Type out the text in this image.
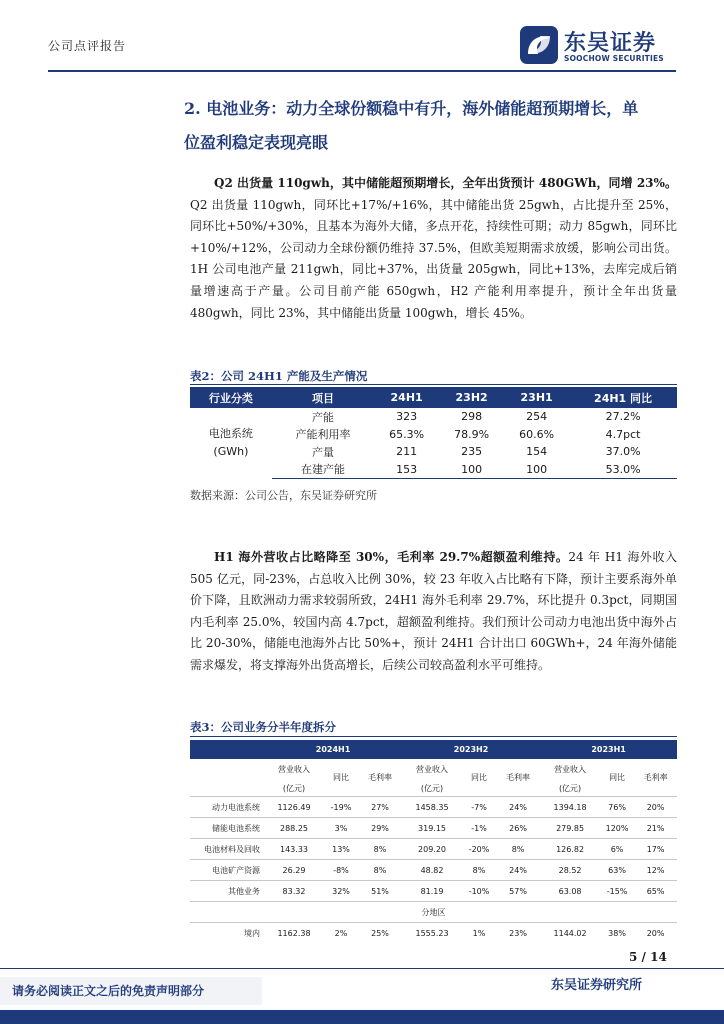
公司点评报告	东吴证券
SOOCHOW SECURITIES
2. 电池业务：动力全球份额稳中有升，海外储能超预期增长，单
位盈利稳定表现亮眼

Q2 出货量 110gwh，其中储能超预期增长，全年出货预计 480GWh，同增 23%。Q2 出货量 110gwh，同环比+17%/+16%，其中储能出货 25gwh，占比提升至 25%，同环比+50%/+30%，且基本为海外大储，多点开花，持续性可期；动力 85gwh，同环比+10%/+12%，公司动力全球份额仍维持 37.5%，但欧美短期需求放缓，影响公司出货。1H 公司电池产量 211gwh，同比+37%，出货量 205gwh，同比+13%，去库完成后销量增速高于产量。公司目前产能 650gwh，H2 产能利用率提升，预计全年出货量 480gwh，同比 23%，其中储能出货量 100gwh，增长 45%。

表2：公司 24H1 产能及生产情况
行业分类	项目	24H1	23H2	23H1	24H1 同比
电池系统
(GWh)	产能	323	298	254	27.2%
	产能利用率	65.3%	78.9%	60.6%	4.7pct
	产量	211	235	154	37.0%
	在建产能	153	100	100	53.0%
数据来源：公司公告，东吴证券研究所

H1 海外营收占比略降至 30%，毛利率 29.7%超额盈利维持。24 年 H1 海外收入 505 亿元，同-23%，占总收入比例 30%，较 23 年收入占比略有下降，预计主要系海外单价下降，且欧洲动力需求较弱所致，24H1 海外毛利率 29.7%，环比提升 0.3pct，同期国内毛利率 25.0%，较国内高 4.7pct，超额盈利维持。我们预计公司动力电池出货中海外占比 20-30%，储能电池海外占比 50%+，预计 24H1 合计出口 60GWh+，24 年海外储能需求爆发，将支撑海外出货高增长，后续公司较高盈利水平可维持。

表3：公司业务分半年度拆分
	2024H1			2023H2			2023H1		
	营业收入	同比	毛利率	营业收入	同比	毛利率	营业收入	同比	毛利率
	(亿元)			(亿元)			(亿元)		
动力电池系统	1126.49	-19%	27%	1458.35	-7%	24%	1394.18	76%	20%
储能电池系统	288.25	3%	29%	319.15	-1%	26%	279.85	120%	21%
电池材料及回收	143.33	13%	8%	209.20	-20%	8%	126.82	6%	17%
电池矿产资源	26.29	-8%	8%	48.82	8%	24%	28.52	63%	12%
其他业务	83.32	32%	51%	81.19	-10%	57%	63.08	-15%	65%
分地区									
境内	1162.38	2%	25%	1555.23	1%	23%	1144.02	38%	20%
5 / 14
请务必阅读正文之后的免责声明部分	东吴证券研究所
